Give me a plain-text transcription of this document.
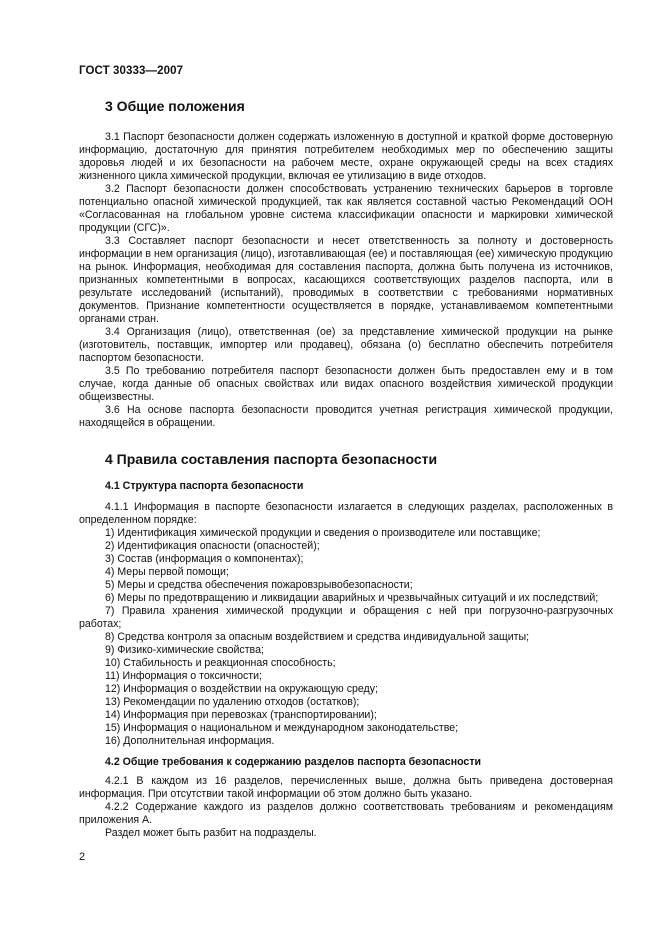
ГОСТ 30333—2007
3 Общие положения

3.1 Паспорт безопасности должен содержать изложенную в доступной и краткой форме достоверную информацию, достаточную для принятия потребителем необходимых мер по обеспечению защиты здоровья людей и их безопасности на рабочем месте, охране окружающей среды на всех стадиях жизненного цикла химической продукции, включая ее утилизацию в виде отходов.

3.2 Паспорт безопасности должен способствовать устранению технических барьеров в торговле потенциально опасной химической продукцией, так как является составной частью Рекомендаций ООН «Согласованная на глобальном уровне система классификации опасности и маркировки химической продукции (СГС)».

3.3 Составляет паспорт безопасности и несет ответственность за полноту и достоверность информации в нем организация (лицо), изготавливающая (ее) и поставляющая (ее) химическую продукцию на рынок. Информация, необходимая для составления паспорта, должна быть получена из источников, признанных компетентными в вопросах, касающихся соответствующих разделов паспорта, или в результате исследований (испытаний), проводимых в соответствии с требованиями нормативных документов. Признание компетентности осуществляется в порядке, устанавливаемом компетентными органами стран.

3.4 Организация (лицо), ответственная (ое) за представление химической продукции на рынке (изготовитель, поставщик, импортер или продавец), обязана (о) бесплатно обеспечить потребителя паспортом безопасности.

3.5 По требованию потребителя паспорт безопасности должен быть предоставлен ему и в том случае, когда данные об опасных свойствах или видах опасного воздействия химической продукции общеизвестны.

3.6 На основе паспорта безопасности проводится учетная регистрация химической продукции, находящейся в обращении.

4 Правила составления паспорта безопасности
4.1 Структура паспорта безопасности

4.1.1 Информация в паспорте безопасности излагается в следующих разделах, расположенных в определенном порядке:

1) Идентификация химической продукции и сведения о производителе или поставщике;

2) Идентификация опасности (опасностей);

3) Состав (информация о компонентах);

4) Меры первой помощи;

5) Меры и средства обеспечения пожаровзрывобезопасности;

6) Меры по предотвращению и ликвидации аварийных и чрезвычайных ситуаций и их последствий;

7) Правила хранения химической продукции и обращения с ней при погрузочно-разгрузочных работах;

8) Средства контроля за опасным воздействием и средства индивидуальной защиты;

9) Физико-химические свойства;

10) Стабильность и реакционная способность;

11) Информация о токсичности;

12) Информация о воздействии на окружающую среду;

13) Рекомендации по удалению отходов (остатков);

14) Информация при перевозках (транспортировании);

15) Информация о национальном и международном законодательстве;

16) Дополнительная информация.

4.2 Общие требования к содержанию разделов паспорта безопасности

4.2.1 В каждом из 16 разделов, перечисленных выше, должна быть приведена достоверная информация. При отсутствии такой информации об этом должно быть указано.

4.2.2 Содержание каждого из разделов должно соответствовать требованиям и рекомендациям приложения А.

Раздел может быть разбит на подразделы.

2
